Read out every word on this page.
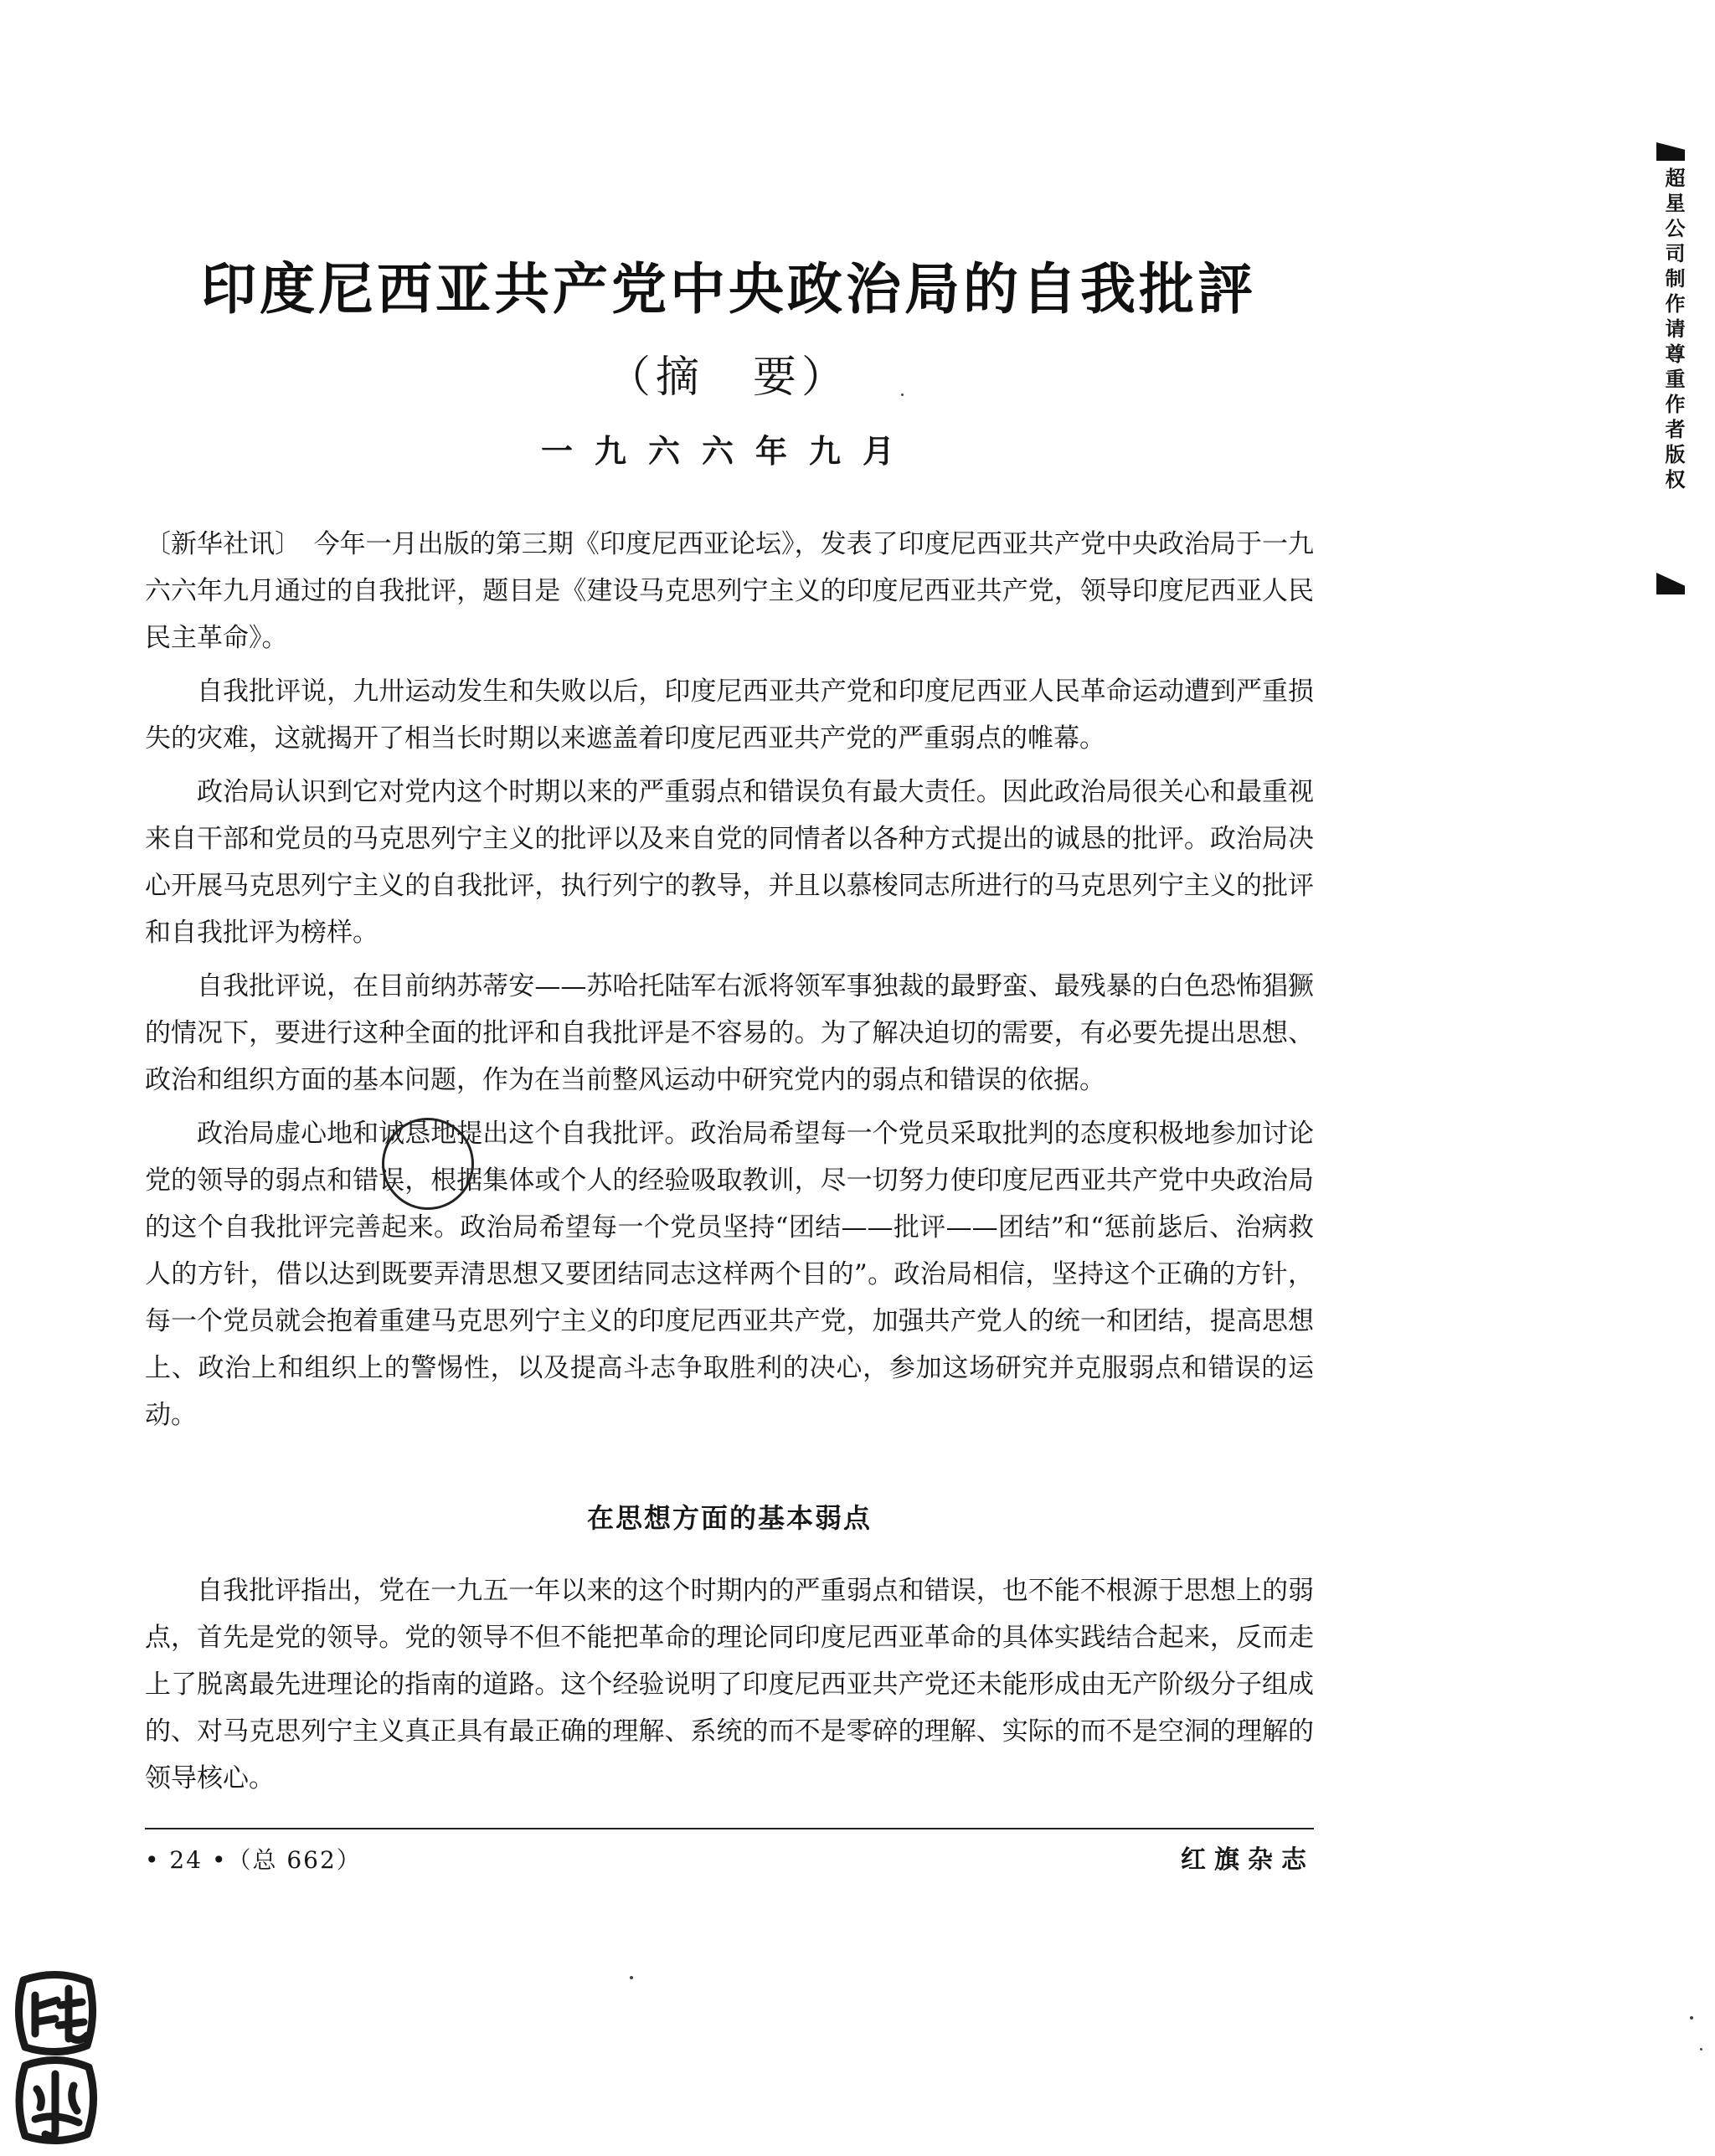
印度尼西亚共产党中央政治局的自我批評
（摘　要）
一九六六年九月

〔新华社讯〕　今年一月出版的第三期《印度尼西亚论坛》，发表了印度尼西亚共产党中央政治局于一九六六年九月通过的自我批评，题目是《建设马克思列宁主义的印度尼西亚共产党，领导印度尼西亚人民民主革命》。

自我批评说，九卅运动发生和失败以后，印度尼西亚共产党和印度尼西亚人民革命运动遭到严重损失的灾难，这就揭开了相当长时期以来遮盖着印度尼西亚共产党的严重弱点的帷幕。

政治局认识到它对党内这个时期以来的严重弱点和错误负有最大责任。因此政治局很关心和最重视来自干部和党员的马克思列宁主义的批评以及来自党的同情者以各种方式提出的诚恳的批评。政治局决心开展马克思列宁主义的自我批评，执行列宁的教导，并且以慕梭同志所进行的马克思列宁主义的批评和自我批评为榜样。

自我批评说，在目前纳苏蒂安——苏哈托陆军右派将领军事独裁的最野蛮、最残暴的白色恐怖猖獗的情况下，要进行这种全面的批评和自我批评是不容易的。为了解决迫切的需要，有必要先提出思想、政治和组织方面的基本问题，作为在当前整风运动中研究党内的弱点和错误的依据。

政治局虚心地和诚恳地提出这个自我批评。政治局希望每一个党员采取批判的态度积极地参加讨论党的领导的弱点和错误，根据集体或个人的经验吸取教训，尽一切努力使印度尼西亚共产党中央政治局的这个自我批评完善起来。政治局希望每一个党员坚持“团结——批评——团结”和“惩前毖后、治病救人的方针，借以达到既要弄清思想又要团结同志这样两个目的”。政治局相信，坚持这个正确的方针，每一个党员就会抱着重建马克思列宁主义的印度尼西亚共产党，加强共产党人的统一和团结，提高思想上、政治上和组织上的警惕性，以及提高斗志争取胜利的决心，参加这场研究并克服弱点和错误的运动。

在思想方面的基本弱点

自我批评指出，党在一九五一年以来的这个时期内的严重弱点和错误，也不能不根源于思想上的弱点，首先是党的领导。党的领导不但不能把革命的理论同印度尼西亚革命的具体实践结合起来，反而走上了脱离最先进理论的指南的道路。这个经验说明了印度尼西亚共产党还未能形成由无产阶级分子组成的、对马克思列宁主义真正具有最正确的理解、系统的而不是零碎的理解、实际的而不是空洞的理解的领导核心。

• 24 •（总 662）	红旗杂志
超星公司制作请尊重作者版权
